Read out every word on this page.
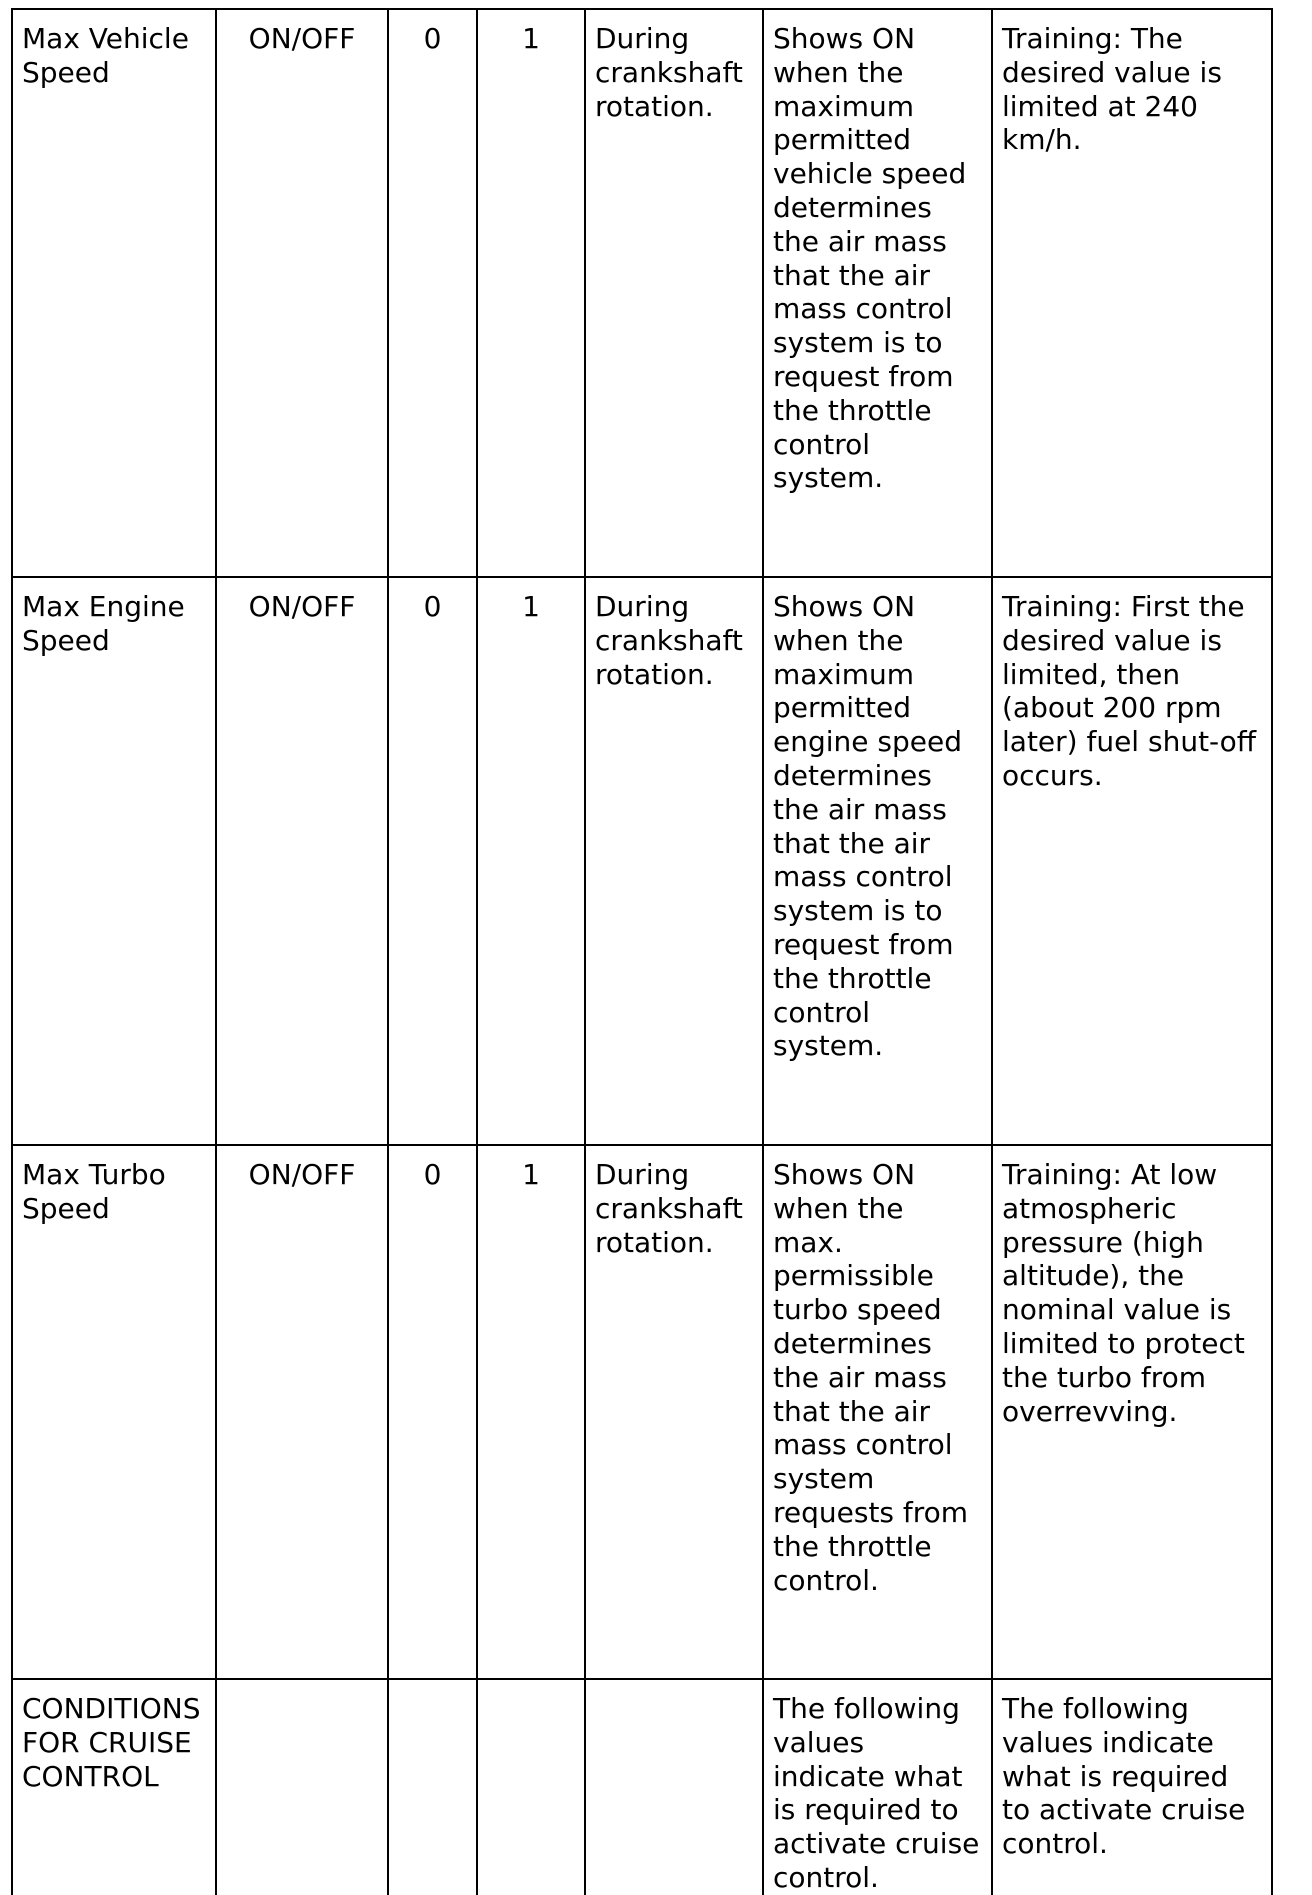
Max Vehicle Speed	ON/OFF	0	1	During crankshaft rotation.	Shows ON when the maximum permitted vehicle speed determines the air mass that the air mass control system is to request from the throttle control system.	Training: The desired value is limited at 240 km/h.
Max Engine Speed	ON/OFF	0	1	During crankshaft rotation.	Shows ON when the maximum permitted engine speed determines the air mass that the air mass control system is to request from the throttle control system.	Training: First the desired value is limited, then (about 200 rpm later) fuel shut-off occurs.
Max Turbo Speed	ON/OFF	0	1	During crankshaft rotation.	Shows ON when the max. permissible turbo speed determines the air mass that the air mass control system requests from the throttle control.	Training: At low atmospheric pressure (high altitude), the nominal value is limited to protect the turbo from overrevving.
CONDITIONS FOR CRUISE CONTROL					The following values indicate what is required to activate cruise control.	The following values indicate what is required to activate cruise control.
